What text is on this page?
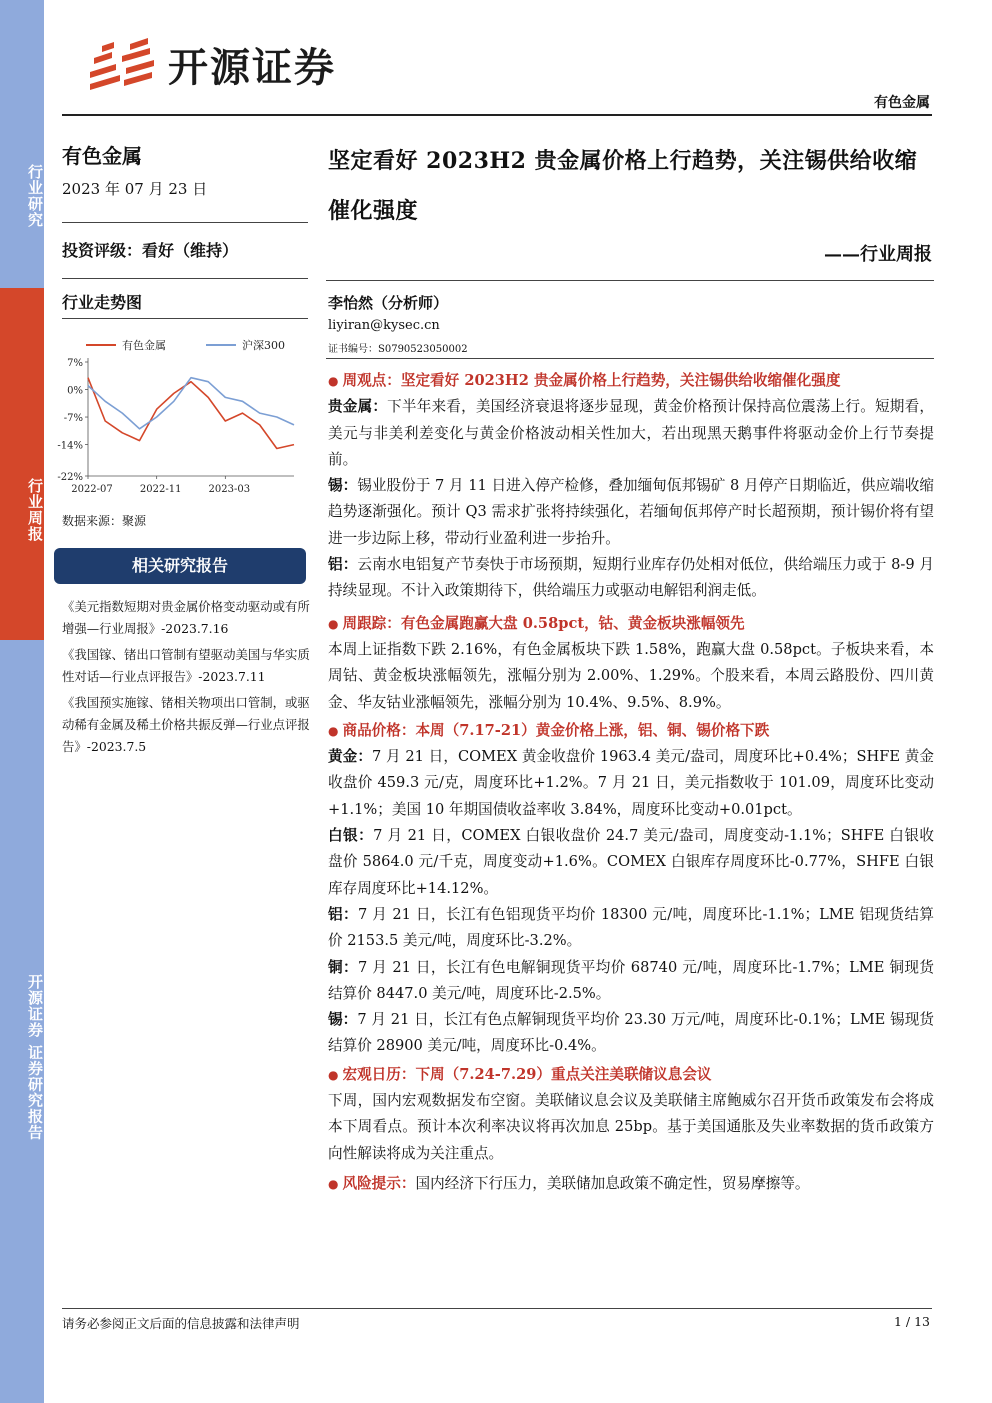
行业研究
行业周报
开源证券 证券研究报告
开源证券
有色金属
有色金属
2023 年 07 月 23 日
投资评级：看好（维持）
行业走势图
有色金属	沪深300
7%
0%
-7%
-14%
-22%
2022-07	2022-11	2023-03
数据来源：聚源
相关研究报告

《美元指数短期对贵金属价格变动驱动或有所增强—行业周报》-2023.7.16

《我国镓、锗出口管制有望驱动美国与华实质性对话—行业点评报告》-2023.7.11

《我国预实施镓、锗相关物项出口管制，或驱动稀有金属及稀土价格共振反弹—行业点评报告》-2023.7.5

坚定看好 2023H2 贵金属价格上行趋势，关注锡供给收缩催化强度
——行业周报
李怡然（分析师）
liyiran@kysec.cn
证书编号：S0790523050002

● 周观点：坚定看好 2023H2 贵金属价格上行趋势，关注锡供给收缩催化强度

贵金属：下半年来看，美国经济衰退将逐步显现，黄金价格预计保持高位震荡上行。短期看，美元与非美利差变化与黄金价格波动相关性加大，若出现黑天鹅事件将驱动金价上行节奏提前。

锡：锡业股份于 7 月 11 日进入停产检修，叠加缅甸佤邦锡矿 8 月停产日期临近，供应端收缩趋势逐渐强化。预计 Q3 需求扩张将持续强化，若缅甸佤邦停产时长超预期，预计锡价将有望进一步边际上移，带动行业盈利进一步抬升。

铝：云南水电铝复产节奏快于市场预期，短期行业库存仍处相对低位，供给端压力或于 8-9 月持续显现。不计入政策期待下，供给端压力或驱动电解铝利润走低。

● 周跟踪：有色金属跑赢大盘 0.58pct，钴、黄金板块涨幅领先

本周上证指数下跌 2.16%，有色金属板块下跌 1.58%，跑赢大盘 0.58pct。子板块来看，本周钴、黄金板块涨幅领先，涨幅分别为 2.00%、1.29%。个股来看，本周云路股份、四川黄金、华友钴业涨幅领先，涨幅分别为 10.4%、9.5%、8.9%。

● 商品价格：本周（7.17-21）黄金价格上涨，铝、铜、锡价格下跌

黄金：7 月 21 日，COMEX 黄金收盘价 1963.4 美元/盎司，周度环比+0.4%；SHFE 黄金收盘价 459.3 元/克，周度环比+1.2%。7 月 21 日，美元指数收于 101.09，周度环比变动+1.1%；美国 10 年期国债收益率收 3.84%，周度环比变动+0.01pct。

白银：7 月 21 日，COMEX 白银收盘价 24.7 美元/盎司，周度变动-1.1%；SHFE 白银收盘价 5864.0 元/千克，周度变动+1.6%。COMEX 白银库存周度环比-0.77%，SHFE 白银库存周度环比+14.12%。

铝：7 月 21 日，长江有色铝现货平均价 18300 元/吨，周度环比-1.1%；LME 铝现货结算价 2153.5 美元/吨，周度环比-3.2%。

铜：7 月 21 日，长江有色电解铜现货平均价 68740 元/吨，周度环比-1.7%；LME 铜现货结算价 8447.0 美元/吨，周度环比-2.5%。

锡：7 月 21 日，长江有色点解铜现货平均价 23.30 万元/吨，周度环比-0.1%；LME 锡现货结算价 28900 美元/吨，周度环比-0.4%。

● 宏观日历：下周（7.24-7.29）重点关注美联储议息会议

下周，国内宏观数据发布空窗。美联储议息会议及美联储主席鲍威尔召开货币政策发布会将成本下周看点。预计本次利率决议将再次加息 25bp。基于美国通胀及失业率数据的货币政策方向性解读将成为关注重点。

● 风险提示：国内经济下行压力，美联储加息政策不确定性，贸易摩擦等。

请务必参阅正文后面的信息披露和法律声明	1 / 13
